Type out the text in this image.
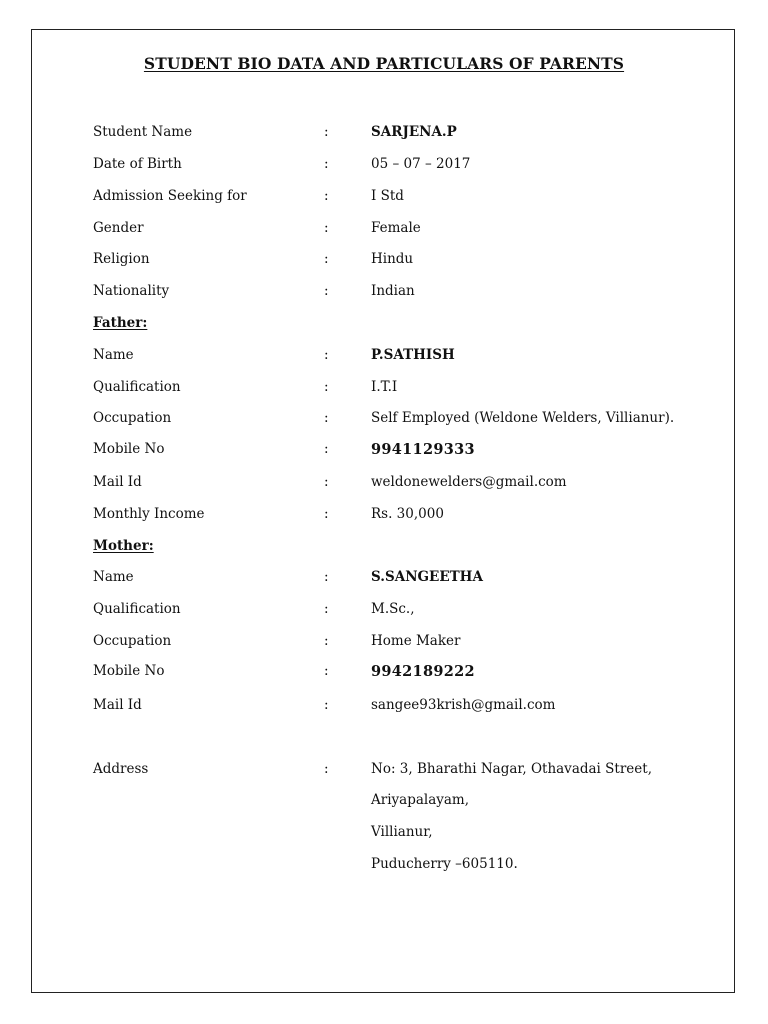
STUDENT BIO DATA AND PARTICULARS OF PARENTS
Student Name	:	SARJENA.P
Date of Birth	:	05 – 07 – 2017
Admission Seeking for	:	I Std
Gender	:	Female
Religion	:	Hindu
Nationality	:	Indian
Father:
Name	:	P.SATHISH
Qualification	:	I.T.I
Occupation	:	Self Employed (Weldone Welders, Villianur).
Mobile No	:	9941129333
Mail Id	:	weldonewelders@gmail.com
Monthly Income	:	Rs. 30,000
Mother:
Name	:	S.SANGEETHA
Qualification	:	M.Sc.,
Occupation	:	Home Maker
Mobile No	:	9942189222
Mail Id	:	sangee93krish@gmail.com
Address	:	No: 3, Bharathi Nagar, Othavadai Street,
Ariyapalayam,
Villianur,
Puducherry –605110.
